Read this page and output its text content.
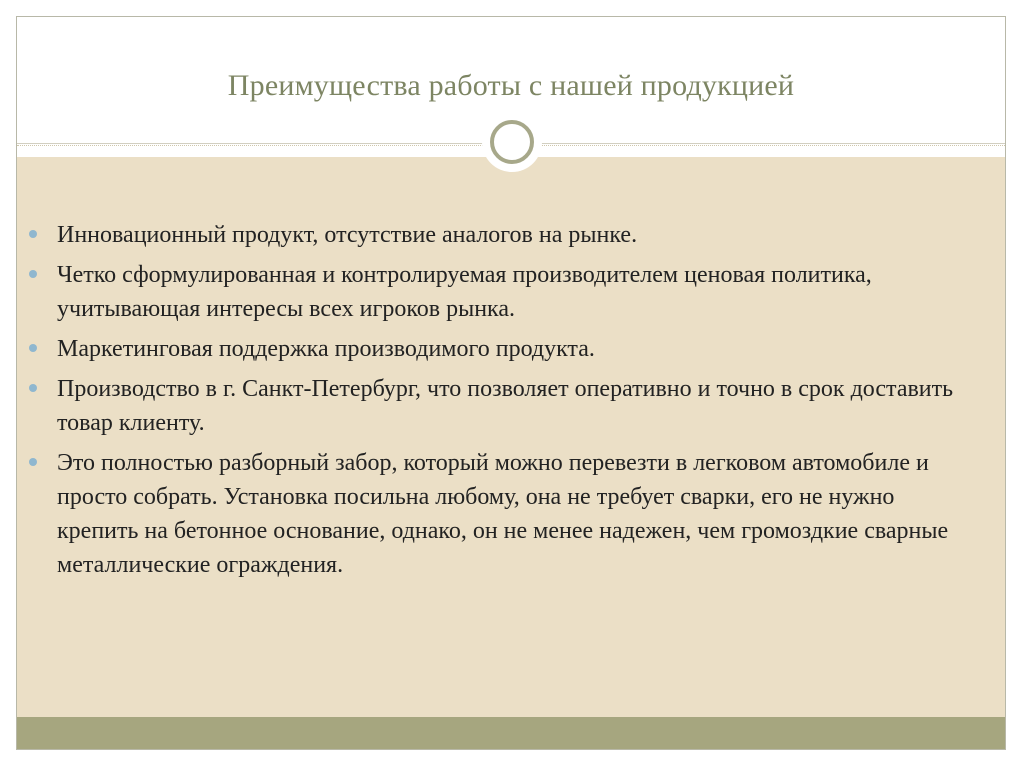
Преимущества работы с нашей продукцией
Инновационный продукт, отсутствие аналогов на рынке.
Четко сформулированная и контролируемая производителем ценовая политика, учитывающая интересы всех игроков рынка.
Маркетинговая поддержка производимого продукта.
Производство в г. Санкт-Петербург, что позволяет оперативно и точно в срок доставить товар клиенту.
Это полностью разборный забор, который можно перевезти в легковом автомобиле и просто собрать. Установка посильна любому, она не требует сварки, его не нужно крепить на бетонное основание, однако, он не менее надежен, чем громоздкие сварные металлические ограждения.
